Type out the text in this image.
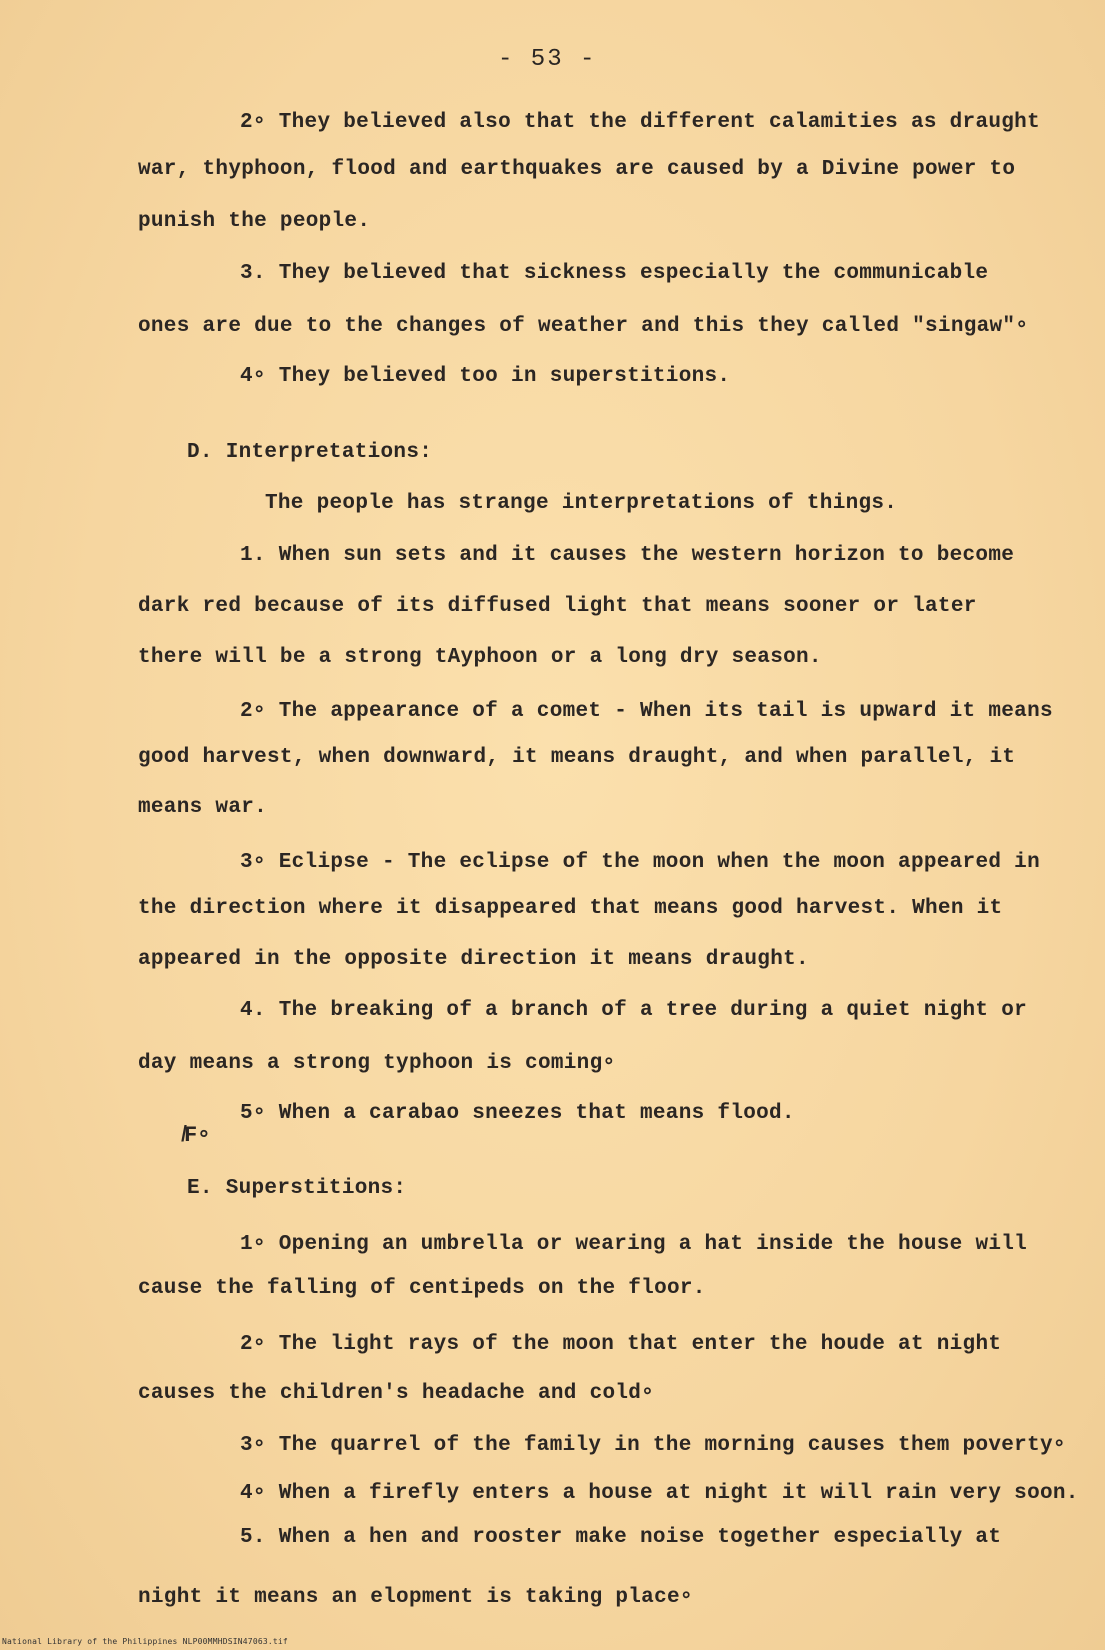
- 53 -
2∘ They believed also that the different calamities as draught
war, thyphoon, flood and earthquakes are caused by a Divine power to
punish the people.
3. They believed that sickness especially the communicable
ones are due to the changes of weather and this they called "singaw"∘
4∘ They believed too in superstitions.
D. Interpretations:
The people has strange interpretations of things.
1. When sun sets and it causes the western horizon to become
dark red because of its diffused light that means sooner or later
there will be a strong tAyphoon or a long dry season.
2∘ The appearance of a comet - When its tail is upward it means
good harvest, when downward, it means draught, and when parallel, it
means war.
3∘ Eclipse - The eclipse of the moon when the moon appeared in
the direction where it disappeared that means good harvest. When it
appeared in the opposite direction it means draught.
4. The breaking of a branch of a tree during a quiet night or
day means a strong typhoon is coming∘
5∘ When a carabao sneezes that means flood.
̸F∘
E. Superstitions:
1∘ Opening an umbrella or wearing a hat inside the house will
cause the falling of centipeds on the floor.
2∘ The light rays of the moon that enter the houde at night
causes the children's headache and cold∘
3∘ The quarrel of the family in the morning causes them poverty∘
4∘ When a firefly enters a house at night it will rain very soon.
5. When a hen and rooster make noise together especially at
night it means an elopment is taking place∘
National Library of the Philippines NLP00MMHDSIN47063.tif
